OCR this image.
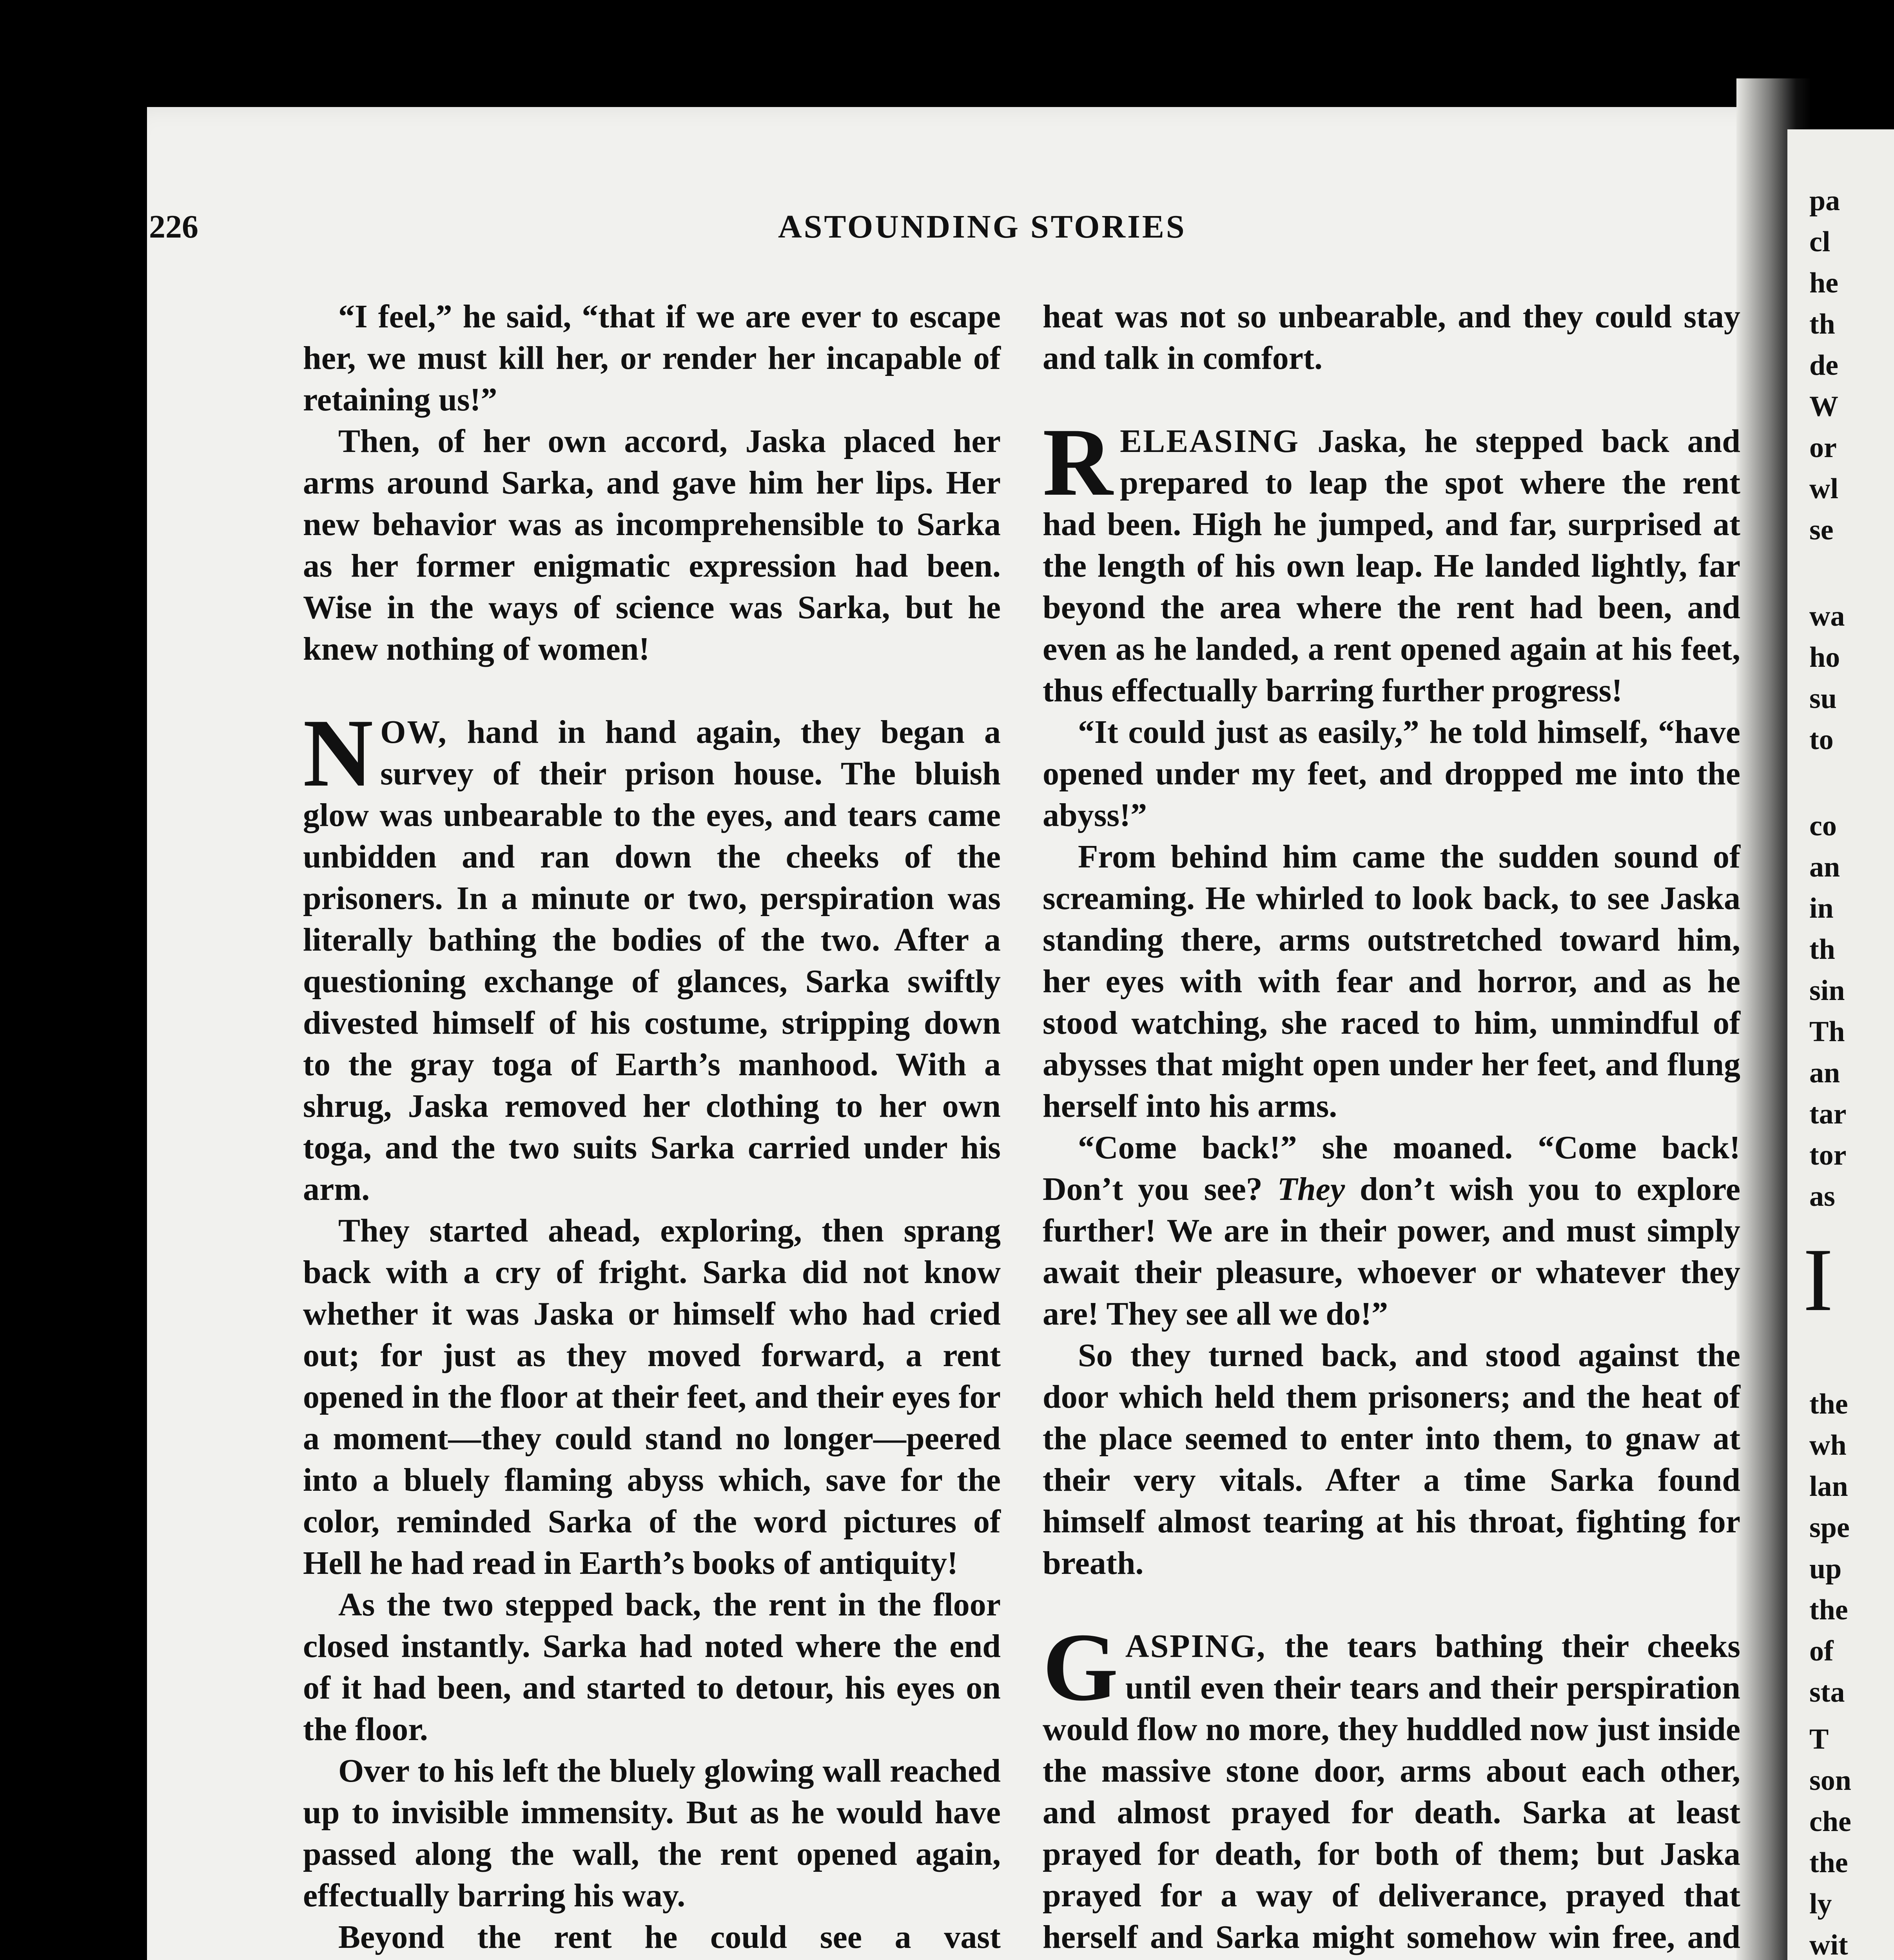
pa
cl
he
th
de
W
or
wl
se
wa
ho
su
to
co
an
in
th
sin
Th
an
tar
tor
as
I
the
wh
lan
spe
up
the
of
sta
T
son
che
the
ly
wit
226	ASTOUNDING STORIES

“I feel,” he said, “that if we are ever to escape her, we must kill her, or render her incapable of retaining us!”

Then, of her own accord, Jaska placed her arms around Sarka, and gave him her lips. Her new behavior was as incomprehensible to Sarka as her former enigmatic expression had been. Wise in the ways of science was Sarka, but he knew nothing of women!

NOW, hand in hand again, they began a survey of their prison house. The bluish glow was unbearable to the eyes, and tears came unbidden and ran down the cheeks of the prisoners. In a minute or two, perspiration was literally bathing the bodies of the two. After a questioning exchange of glances, Sarka swiftly divested himself of his costume, stripping down to the gray toga of Earth’s manhood. With a shrug, Jaska removed her clothing to her own toga, and the two suits Sarka carried under his arm.

They started ahead, exploring, then sprang back with a cry of fright. Sarka did not know whether it was Jaska or himself who had cried out; for just as they moved forward, a rent opened in the floor at their feet, and their eyes for a moment—they could stand no longer—peered into a bluely flaming abyss which, save for the color, reminded Sarka of the word pictures of Hell he had read in Earth’s books of antiquity!

As the two stepped back, the rent in the floor closed instantly. Sarka had noted where the end of it had been, and started to detour, his eyes on the floor.

Over to his left the bluely glowing wall reached up to invisible immensity. But as he would have passed along the wall, the rent opened again, effectually barring his way.

Beyond the rent he could see a vast

heat was not so unbearable, and they could stay and talk in comfort.

RELEASING Jaska, he stepped back and prepared to leap the spot where the rent had been. High he jumped, and far, surprised at the length of his own leap. He landed lightly, far beyond the area where the rent had been, and even as he landed, a rent opened again at his feet, thus effectually barring further progress!

“It could just as easily,” he told himself, “have opened under my feet, and dropped me into the abyss!”

From behind him came the sudden sound of screaming. He whirled to look back, to see Jaska standing there, arms outstretched toward him, her eyes with with fear and horror, and as he stood watching, she raced to him, unmindful of abysses that might open under her feet, and flung herself into his arms.

“Come back!” she moaned. “Come back! Don’t you see? They don’t wish you to explore further! We are in their power, and must simply await their pleasure, whoever or whatever they are! They see all we do!”

So they turned back, and stood against the door which held them prisoners; and the heat of the place seemed to enter into them, to gnaw at their very vitals. After a time Sarka found himself almost tearing at his throat, fighting for breath.

GASPING, the tears bathing their cheeks until even their tears and their perspiration would flow no more, they huddled now just inside the massive stone door, arms about each other, and almost prayed for death. Sarka at least prayed for death, for both of them; but Jaska prayed for a way of deliverance, prayed that herself and Sarka might somehow win free, and
